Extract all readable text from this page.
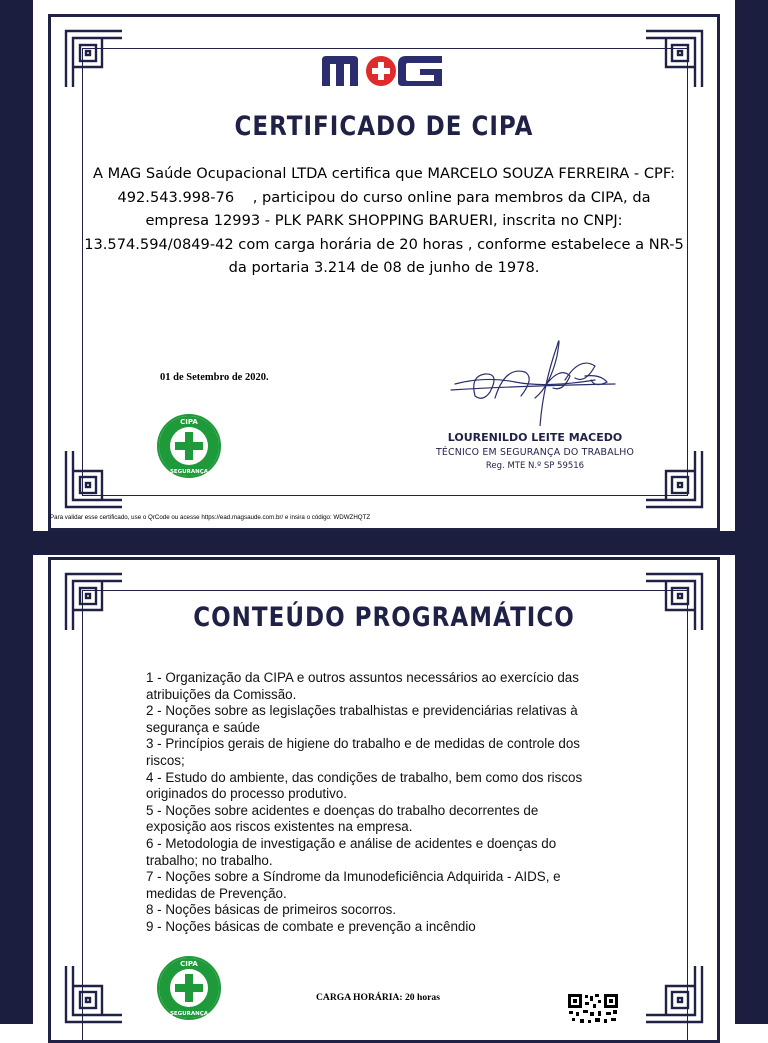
CERTIFICADO DE CIPA
A MAG Saúde Ocupacional LTDA certifica que MARCELO SOUZA FERREIRA - CPF:
492.543.998-76    , participou do curso online para membros da CIPA, da
empresa 12993 - PLK PARK SHOPPING BARUERI, inscrita no CNPJ:
13.574.594/0849-42 com carga horária de 20 horas , conforme estabelece a NR-5
da portaria 3.214 de 08 de junho de 1978.
01 de Setembro de 2020.
LOURENILDO LEITE MACEDO
TÉCNICO EM SEGURANÇA DO TRABALHO
Reg. MTE N.º SP 59516
CIPA
SEGURANÇA
Para validar esse certificado, use o QrCode ou acesse https://ead.magsaude.com.br/ e insira o código: WDWZHQTZ
CONTEÚDO PROGRAMÁTICO
1 - Organização da CIPA e outros assuntos necessários ao exercício das
atribuições da Comissão.
2 - Noções sobre as legislações trabalhistas e previdenciárias relativas à
segurança e saúde
3 - Princípios gerais de higiene do trabalho e de medidas de controle dos
riscos;
4 - Estudo do ambiente, das condições de trabalho, bem como dos riscos
originados do processo produtivo.
5 - Noções sobre acidentes e doenças do trabalho decorrentes de
exposição aos riscos existentes na empresa.
6 - Metodologia de investigação e análise de acidentes e doenças do
trabalho; no trabalho.
7 - Noções sobre a Síndrome da Imunodeficiência Adquirida - AIDS, e
medidas de Prevenção.
8 - Noções básicas de primeiros socorros.
9 - Noções básicas de combate e prevenção a incêndio
CIPA
SEGURANÇA
CARGA HORÁRIA: 20 horas
